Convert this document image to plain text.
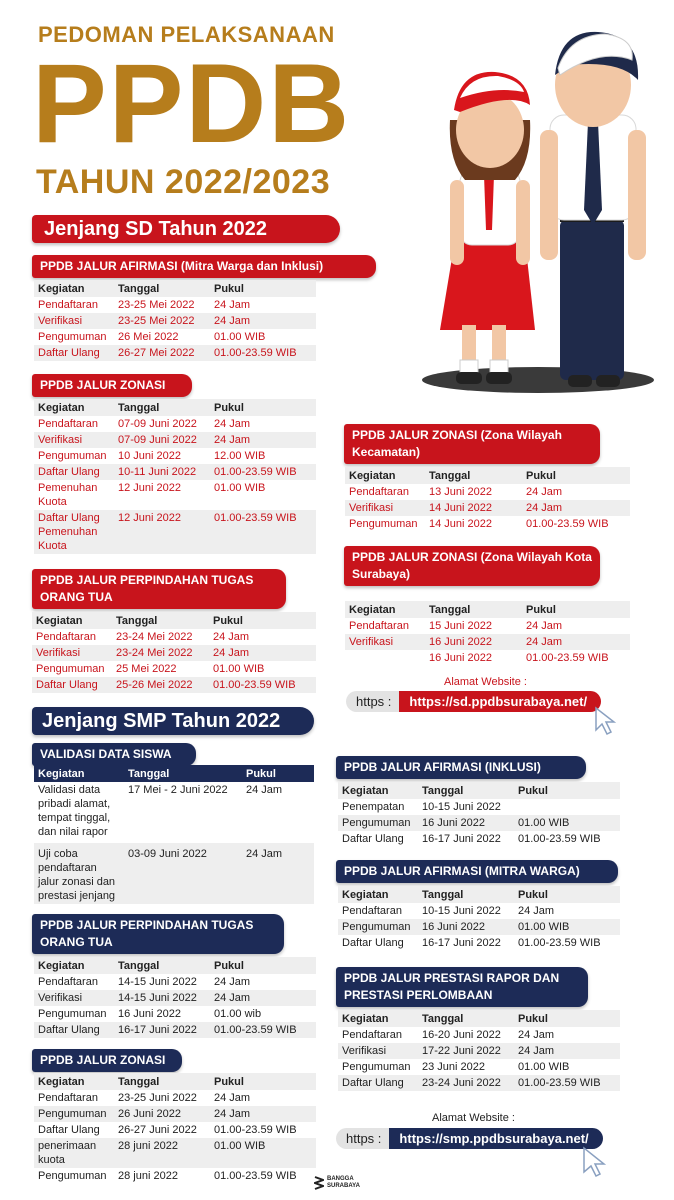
PEDOMAN PELAKSANAAN
PPDB
TAHUN 2022/2023
Jenjang SD Tahun 2022
PPDB JALUR AFIRMASI (Mitra Warga dan Inklusi)
Kegiatan	Tanggal	Pukul
Pendaftaran	23-25 Mei 2022	24 Jam
Verifikasi	23-25 Mei 2022	24 Jam
Pengumuman	26 Mei 2022	01.00 WIB
Daftar Ulang	26-27 Mei 2022	01.00-23.59 WIB
PPDB JALUR ZONASI
Kegiatan	Tanggal	Pukul
Pendaftaran	07-09 Juni 2022	24 Jam
Verifikasi	07-09 Juni 2022	24 Jam
Pengumuman	10 Juni 2022	12.00 WIB
Daftar Ulang	10-11 Juni 2022	01.00-23.59 WIB
Pemenuhan Kuota	12 Juni 2022	01.00 WIB
Daftar Ulang Pemenuhan Kuota	12 Juni 2022	01.00-23.59 WIB
PPDB JALUR PERPINDAHAN TUGAS ORANG TUA
Kegiatan	Tanggal	Pukul
Pendaftaran	23-24 Mei 2022	24 Jam
Verifikasi	23-24 Mei 2022	24 Jam
Pengumuman	25 Mei 2022	01.00 WIB
Daftar Ulang	25-26 Mei 2022	01.00-23.59 WIB
PPDB JALUR ZONASI (Zona Wilayah Kecamatan)
Kegiatan	Tanggal	Pukul
Pendaftaran	13 Juni 2022	24 Jam
Verifikasi	14 Juni 2022	24 Jam
Pengumuman	14 Juni 2022	01.00-23.59 WIB
PPDB JALUR ZONASI (Zona Wilayah Kota Surabaya)
Kegiatan	Tanggal	Pukul
Pendaftaran	15 Juni 2022	24 Jam
Verifikasi	16 Juni 2022	24 Jam
	16 Juni 2022	01.00-23.59 WIB
Alamat Website :
https :	https://sd.ppdbsurabaya.net/
Jenjang SMP Tahun 2022
VALIDASI DATA SISWA
Kegiatan	Tanggal	Pukul
Validasi data pribadi alamat, tempat tinggal, dan nilai rapor	17 Mei - 2 Juni 2022	24 Jam
Uji coba pendaftaran jalur zonasi dan prestasi jenjang	03-09 Juni 2022	24 Jam
PPDB JALUR PERPINDAHAN TUGAS ORANG TUA
Kegiatan	Tanggal	Pukul
Pendaftaran	14-15 Juni 2022	24 Jam
Verifikasi	14-15 Juni 2022	24 Jam
Pengumuman	16 Juni 2022	01.00 wib
Daftar Ulang	16-17 Juni 2022	01.00-23.59 WIB
PPDB JALUR ZONASI
Kegiatan	Tanggal	Pukul
Pendaftaran	23-25 Juni 2022	24 Jam
Pengumuman	26 Juni 2022	24 Jam
Daftar Ulang	26-27 Juni 2022	01.00-23.59 WIB
penerimaan kuota	28 juni 2022	01.00 WIB
Pengumuman	28 juni 2022	01.00-23.59 WIB
PPDB JALUR AFIRMASI (INKLUSI)
Kegiatan	Tanggal	Pukul
Penempatan	10-15 Juni 2022	
Pengumuman	16 Juni 2022	01.00 WIB
Daftar Ulang	16-17 Juni 2022	01.00-23.59 WIB
PPDB JALUR AFIRMASI (MITRA WARGA)
Kegiatan	Tanggal	Pukul
Pendaftaran	10-15 Juni 2022	24 Jam
Pengumuman	16 Juni 2022	01.00 WIB
Daftar Ulang	16-17 Juni 2022	01.00-23.59 WIB
PPDB JALUR PRESTASI RAPOR DAN PRESTASI PERLOMBAAN
Kegiatan	Tanggal	Pukul
Pendaftaran	16-20 Juni 2022	24 Jam
Verifikasi	17-22 Juni 2022	24 Jam
Pengumuman	23 Juni 2022	01.00 WIB
Daftar Ulang	23-24 Juni 2022	01.00-23.59 WIB
Alamat Website :
https :	https://smp.ppdbsurabaya.net/
BANGGA SURABAYA
